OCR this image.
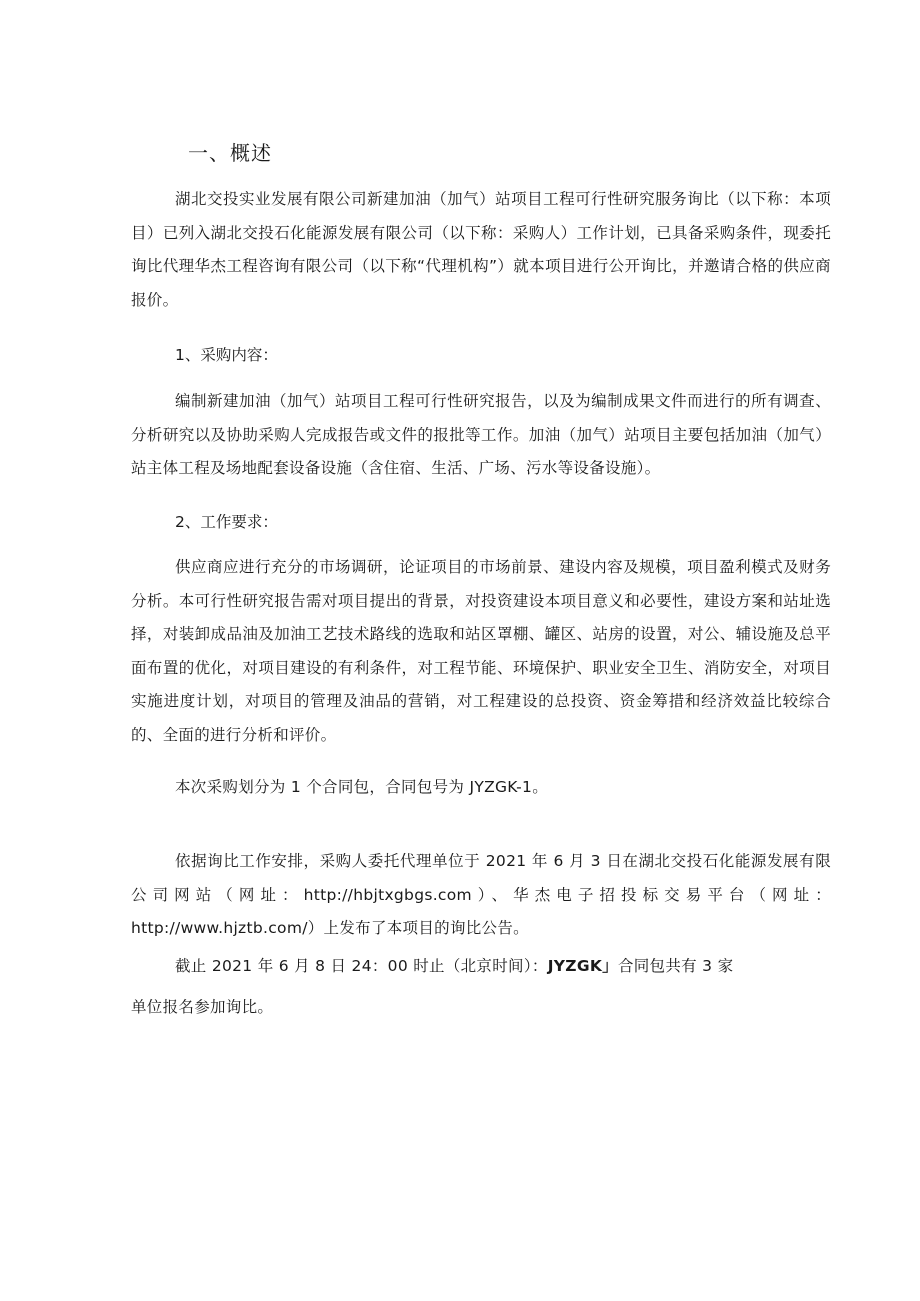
一、概述
湖北交投实业发展有限公司新建加油（加气）站项目工程可行性研究服务询比（以下称：本项目）已列入湖北交投石化能源发展有限公司（以下称：采购人）工作计划，已具备采购条件，现委托询比代理华杰工程咨询有限公司（以下称“代理机构”）就本项目进行公开询比，并邀请合格的供应商报价。
1、采购内容：
编制新建加油（加气）站项目工程可行性研究报告，以及为编制成果文件而进行的所有调查、分析研究以及协助采购人完成报告或文件的报批等工作。加油（加气）站项目主要包括加油（加气）站主体工程及场地配套设备设施（含住宿、生活、广场、污水等设备设施）。
2、工作要求：
供应商应进行充分的市场调研，论证项目的市场前景、建设内容及规模，项目盈利模式及财务分析。本可行性研究报告需对项目提出的背景，对投资建设本项目意义和必要性，建设方案和站址选择，对装卸成品油及加油工艺技术路线的选取和站区罩棚、罐区、站房的设置，对公、辅设施及总平面布置的优化，对项目建设的有利条件，对工程节能、环境保护、职业安全卫生、消防安全，对项目实施进度计划，对项目的管理及油品的营销，对工程建设的总投资、资金筹措和经济效益比较综合的、全面的进行分析和评价。
本次采购划分为 1 个合同包，合同包号为 JYZGK-1。
依据询比工作安排，采购人委托代理单位于 2021 年 6 月 3 日在湖北交投石化能源发展有限公司网站（网址：http://hbjtxgbgs.com）、华杰电子招投标交易平台（网址：http://www.hjztb.com/）上发布了本项目的询比公告。
截止 2021 年 6 月 8 日 24：00 时止（北京时间）：JYZGK」合同包共有 3 家
单位报名参加询比。
